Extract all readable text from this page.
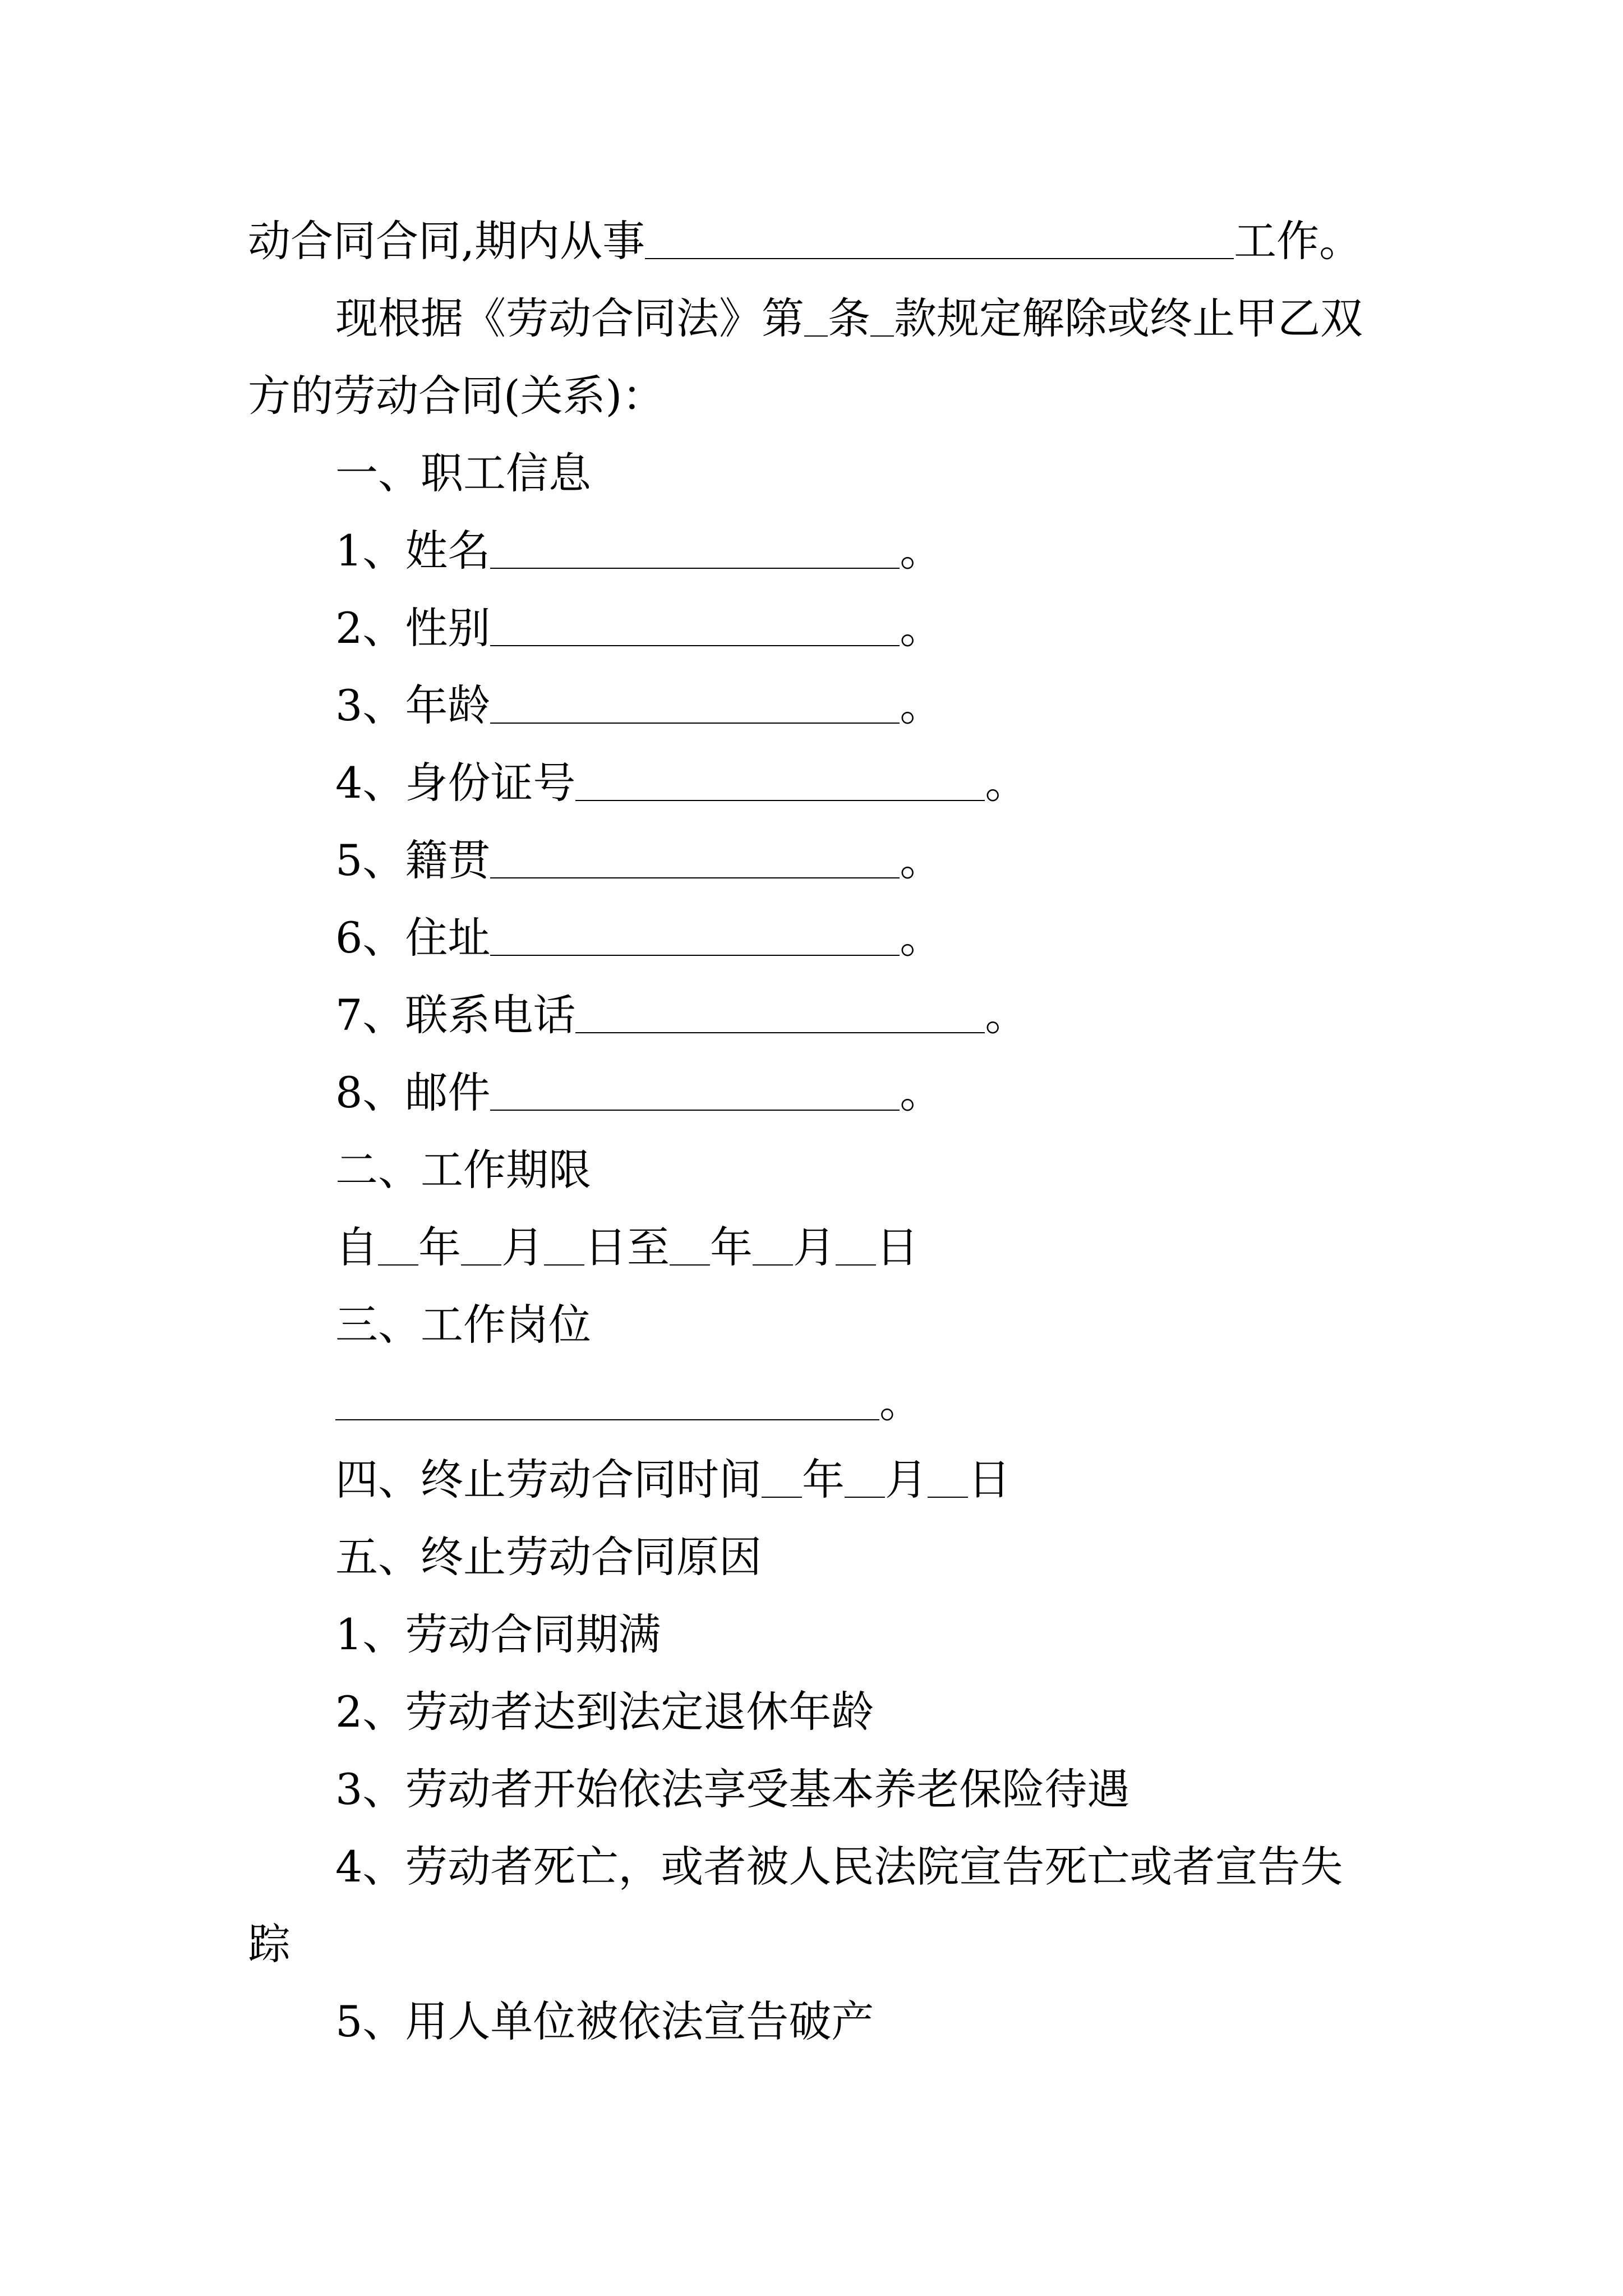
动合同合同,期内从事	工作。
现根据《劳动合同法》第 条 款规定解除或终止甲乙双
方的劳动合同(关系)：
一、职工信息
1、姓名	。
2、性别	。
3、年龄	。
4、身份证号	。
5、籍贯	。
6、住址	。
7、联系电话	。
8、邮件	。
二、工作期限
自 年 月 日至 年 月 日
三、工作岗位
。
四、终止劳动合同时间 年 月 日
五、终止劳动合同原因
1、劳动合同期满
2、劳动者达到法定退休年龄
3、劳动者开始依法享受基本养老保险待遇
4、劳动者死亡，或者被人民法院宣告死亡或者宣告失
踪
5、用人单位被依法宣告破产
